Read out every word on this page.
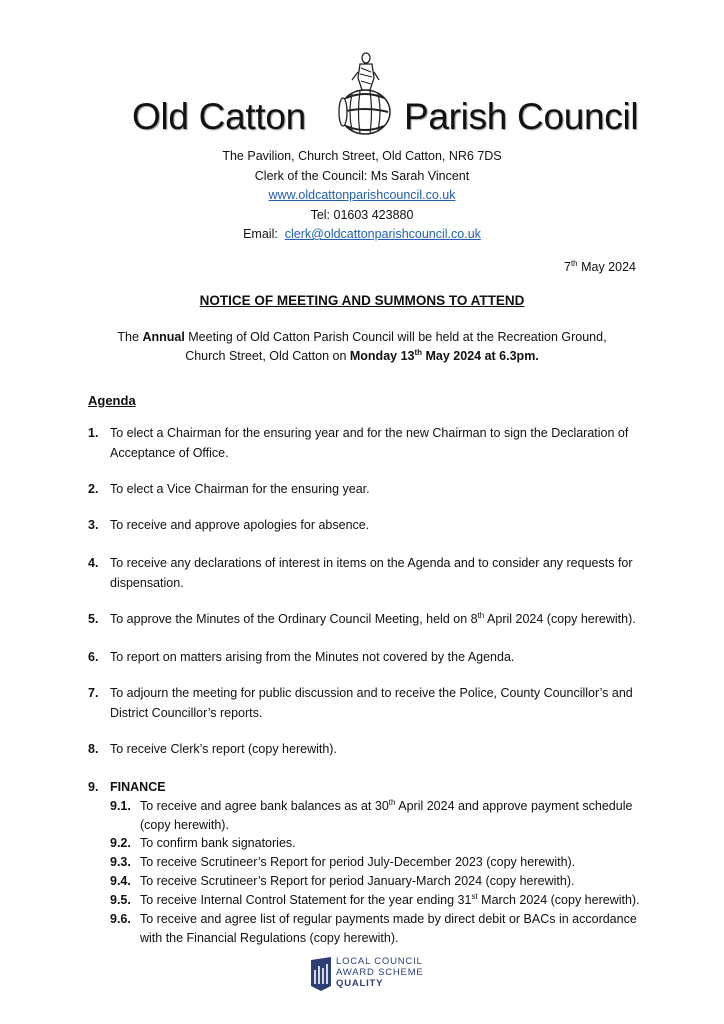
Old Catton	Parish Council
The Pavilion, Church Street, Old Catton, NR6 7DS
Clerk of the Council: Ms Sarah Vincent
www.oldcattonparishcouncil.co.uk
Tel: 01603 423880
Email: clerk@oldcattonparishcouncil.co.uk
7th May 2024
NOTICE OF MEETING AND SUMMONS TO ATTEND
The Annual Meeting of Old Catton Parish Council will be held at the Recreation Ground,
Church Street, Old Catton on Monday 13th May 2024 at 6.3pm.
Agenda
1. To elect a Chairman for the ensuring year and for the new Chairman to sign the Declaration of Acceptance of Office.
2. To elect a Vice Chairman for the ensuring year.
3. To receive and approve apologies for absence.
4. To receive any declarations of interest in items on the Agenda and to consider any requests for dispensation.
5. To approve the Minutes of the Ordinary Council Meeting, held on 8th April 2024 (copy herewith).
6. To report on matters arising from the Minutes not covered by the Agenda.
7. To adjourn the meeting for public discussion and to receive the Police, County Councillor’s and District Councillor’s reports.
8. To receive Clerk’s report (copy herewith).
9. FINANCE
9.1. To receive and agree bank balances as at 30th April 2024 and approve payment schedule (copy herewith).
9.2. To confirm bank signatories.
9.3. To receive Scrutineer’s Report for period July-December 2023 (copy herewith).
9.4. To receive Scrutineer’s Report for period January-March 2024 (copy herewith).
9.5. To receive Internal Control Statement for the year ending 31st March 2024 (copy herewith).
9.6. To receive and agree list of regular payments made by direct debit or BACs in accordance with the Financial Regulations (copy herewith).
LOCAL COUNCIL
AWARD SCHEME
QUALITY
